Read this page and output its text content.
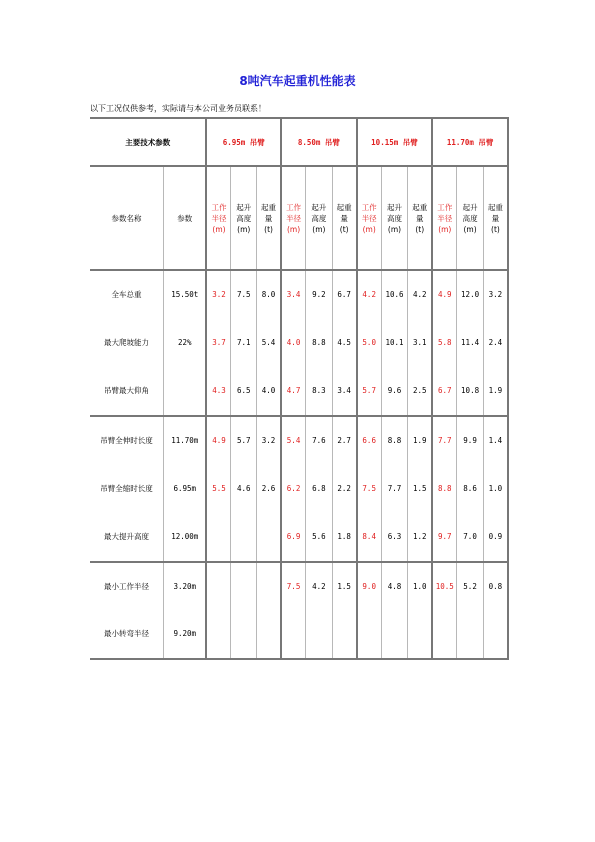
8吨汽车起重机性能表
以下工况仅供参考，实际请与本公司业务员联系！
主要技术参数		6.95m 吊臂			8.50m 吊臂			10.15m 吊臂			11.70m 吊臂		
参数名称	参数	工作
半径
(m)	起升
高度
(m)	起重
量
(t)	工作
半径
(m)	起升
高度
(m)	起重
量
(t)	工作
半径
(m)	起升
高度
(m)	起重
量
(t)	工作
半径
(m)	起升
高度
(m)	起重
量
(t)

全车总重	15.50t	3.2	7.5	8.0	3.4	9.2	6.7	4.2	10.6	4.2	4.9	12.0	3.2
最大爬坡能力	22%	3.7	7.1	5.4	4.0	8.8	4.5	5.0	10.1	3.1	5.8	11.4	2.4
吊臂最大仰角		4.3	6.5	4.0	4.7	8.3	3.4	5.7	9.6	2.5	6.7	10.8	1.9
吊臂全伸时长度	11.70m	4.9	5.7	3.2	5.4	7.6	2.7	6.6	8.8	1.9	7.7	9.9	1.4
吊臂全缩时长度	6.95m	5.5	4.6	2.6	6.2	6.8	2.2	7.5	7.7	1.5	8.8	8.6	1.0
最大提升高度	12.00m				6.9	5.6	1.8	8.4	6.3	1.2	9.7	7.0	0.9
最小工作半径	3.20m				7.5	4.2	1.5	9.0	4.8	1.0	10.5	5.2	0.8
最小转弯半径	9.20m												
